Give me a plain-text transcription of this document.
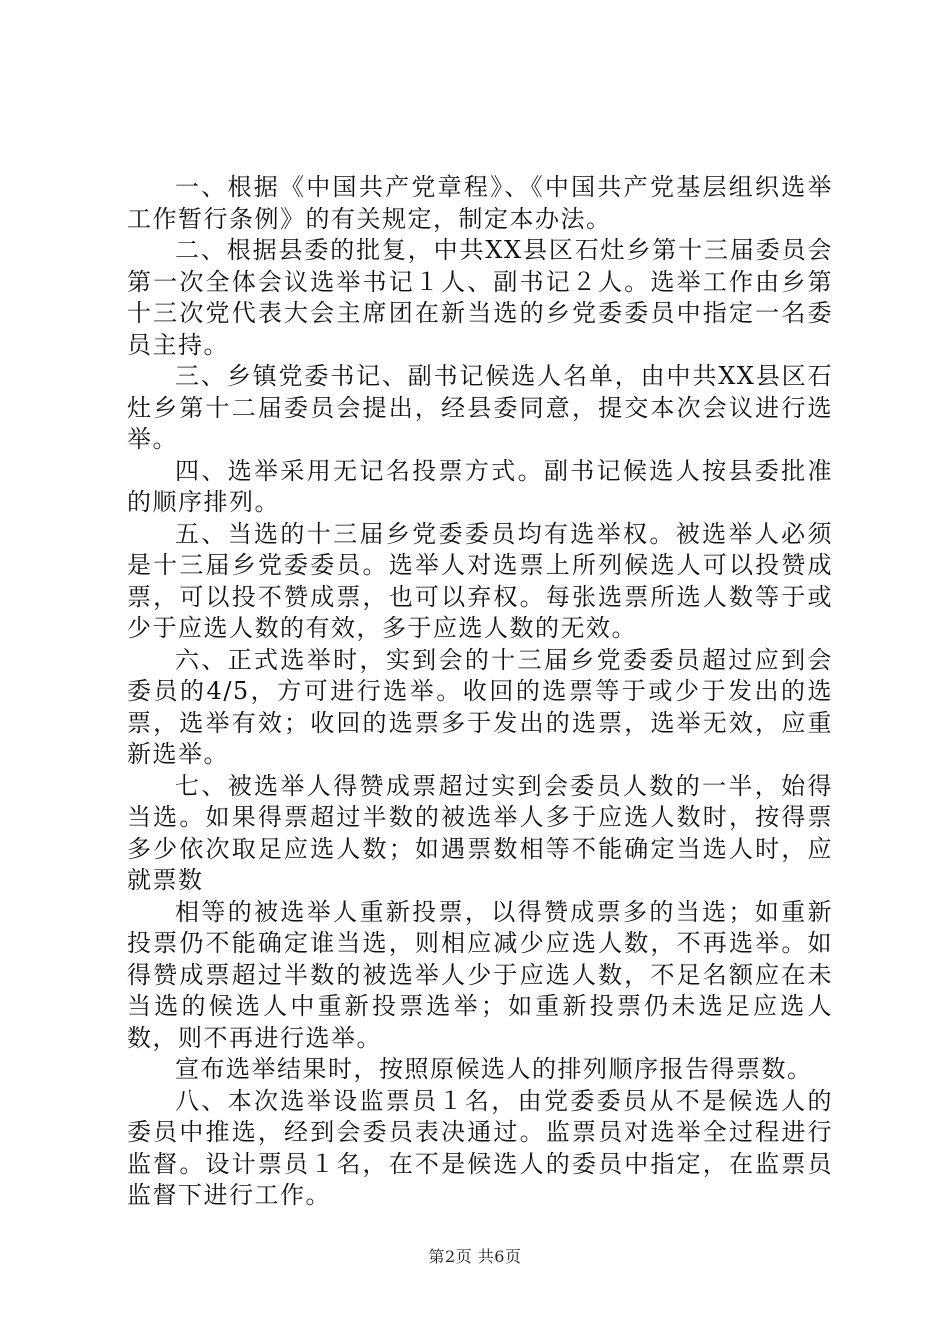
一、根据《中国共产党章程》、《中国共产党基层组织选举工作暂行条例》的有关规定，制定本办法。

二、根据县委的批复，中共XX县区石灶乡第十三届委员会第一次全体会议选举书记１人、副书记２人。选举工作由乡第十三次党代表大会主席团在新当选的乡党委委员中指定一名委员主持。

三、乡镇党委书记、副书记候选人名单，由中共XX县区石灶乡第十二届委员会提出，经县委同意，提交本次会议进行选举。

四、选举采用无记名投票方式。副书记候选人按县委批准的顺序排列。

五、当选的十三届乡党委委员均有选举权。被选举人必须是十三届乡党委委员。选举人对选票上所列候选人可以投赞成票，可以投不赞成票，也可以弃权。每张选票所选人数等于或少于应选人数的有效，多于应选人数的无效。

六、正式选举时，实到会的十三届乡党委委员超过应到会委员的4/5，方可进行选举。收回的选票等于或少于发出的选票，选举有效；收回的选票多于发出的选票，选举无效，应重新选举。

七、被选举人得赞成票超过实到会委员人数的一半，始得当选。如果得票超过半数的被选举人多于应选人数时，按得票多少依次取足应选人数；如遇票数相等不能确定当选人时，应就票数

相等的被选举人重新投票，以得赞成票多的当选；如重新投票仍不能确定谁当选，则相应减少应选人数，不再选举。如得赞成票超过半数的被选举人少于应选人数，不足名额应在未当选的候选人中重新投票选举；如重新投票仍未选足应选人数，则不再进行选举。

宣布选举结果时，按照原候选人的排列顺序报告得票数。

八、本次选举设监票员１名，由党委委员从不是候选人的委员中推选，经到会委员表决通过。监票员对选举全过程进行监督。设计票员１名，在不是候选人的委员中指定，在监票员监督下进行工作。

第2页 共6页
